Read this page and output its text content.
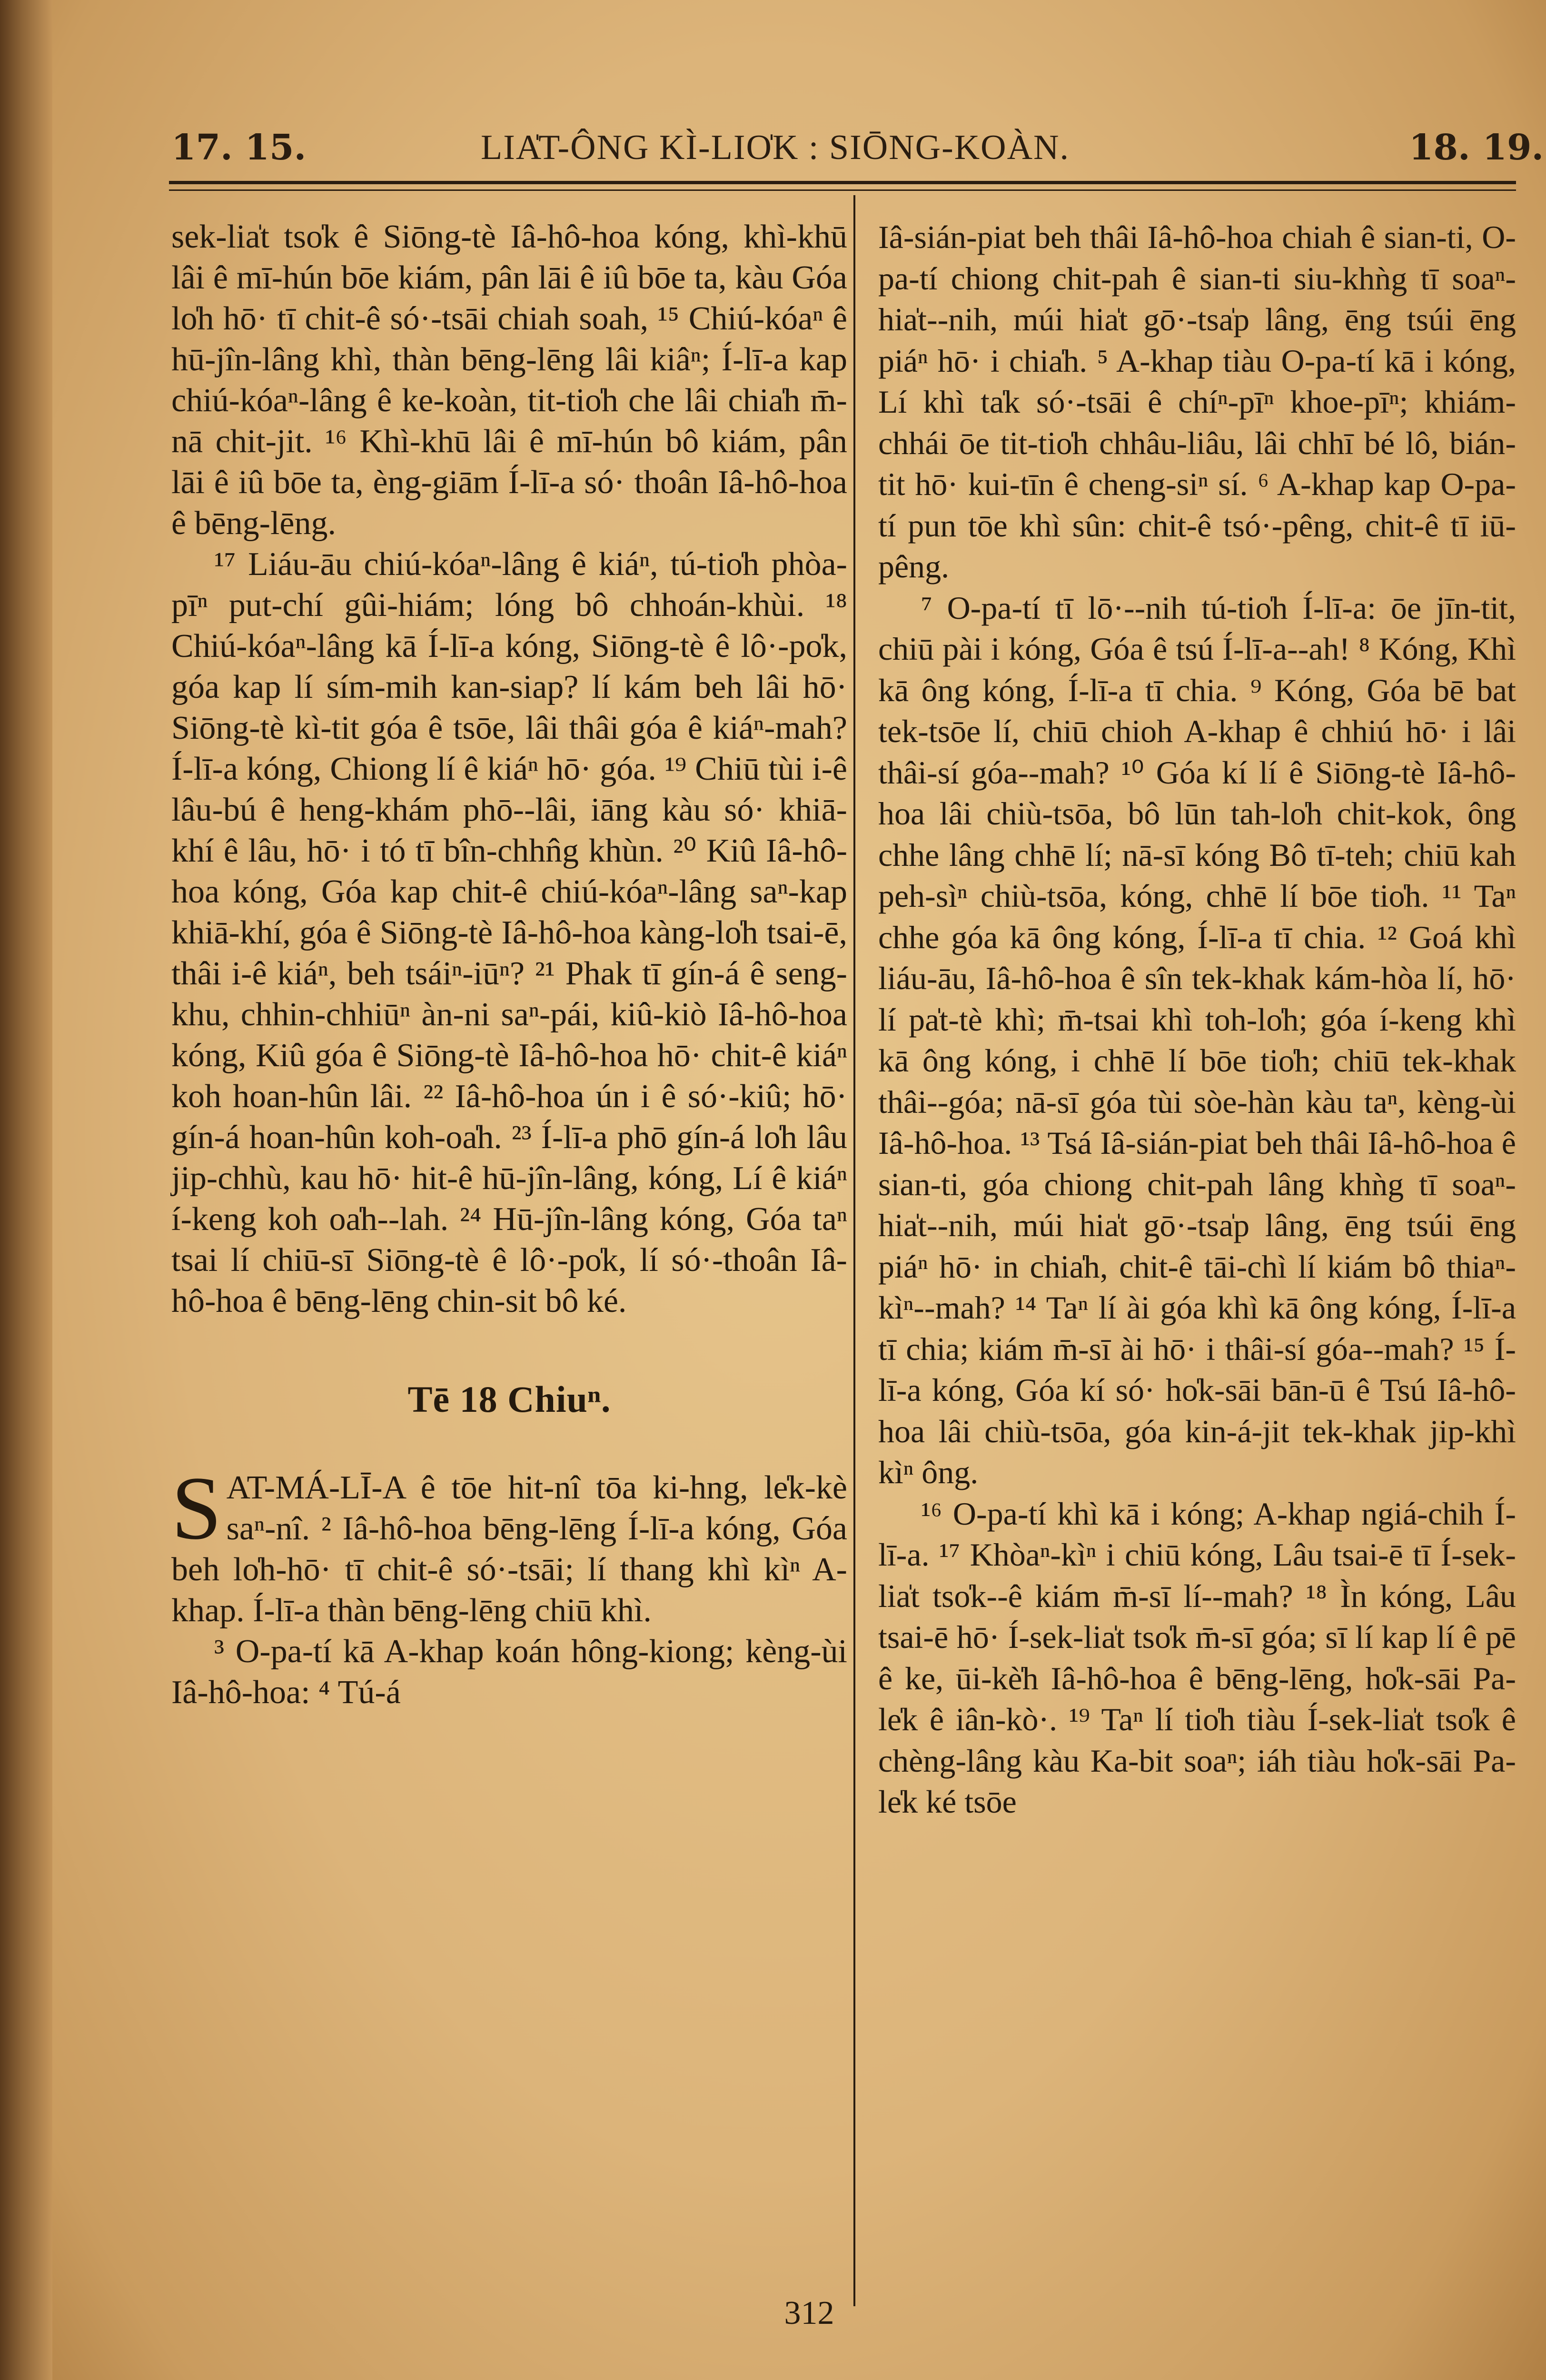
17. 15.	LIA̍T-ÔNG KÌ-LIO̍K : SIŌNG-KOÀN.	18. 19.

sek-lia̍t tso̍k ê Siōng-tè Iâ-hô-hoa kóng, khì-khū lâi ê mī-hún bōe kiám, pân lāi ê iû bōe ta, kàu Góa lo̍h hō· tī chit-ê só·-tsāi chiah soah, ¹⁵ Chiú-kóaⁿ ê hū-jîn-lâng khì, thàn bēng-lēng lâi kiâⁿ; Í-lī-a kap chiú-kóaⁿ-lâng ê ke-koàn, tit-tio̍h che lâi chia̍h m̄-nā chit-jit. ¹⁶ Khì-khū lâi ê mī-hún bô kiám, pân lāi ê iû bōe ta, èng-giām Í-lī-a só· thoân Iâ-hô-hoa ê bēng-lēng.

¹⁷ Liáu-āu chiú-kóaⁿ-lâng ê kiáⁿ, tú-tio̍h phòa-pīⁿ put-chí gûi-hiám; lóng bô chhoán-khùi. ¹⁸ Chiú-kóaⁿ-lâng kā Í-lī-a kóng, Siōng-tè ê lô·-po̍k, góa kap lí sím-mih kan-siap? lí kám beh lâi hō· Siōng-tè kì-tit góa ê tsōe, lâi thâi góa ê kiáⁿ-mah? Í-lī-a kóng, Chiong lí ê kiáⁿ hō· góa. ¹⁹ Chiū tùi i-ê lâu-bú ê heng-khám phō--lâi, iāng kàu só· khiā-khí ê lâu, hō· i tó tī bîn-chhn̂g khùn. ²⁰ Kiû Iâ-hô-hoa kóng, Góa kap chit-ê chiú-kóaⁿ-lâng saⁿ-kap khiā-khí, góa ê Siōng-tè Iâ-hô-hoa kàng-lo̍h tsai-ē, thâi i-ê kiáⁿ, beh tsáiⁿ-iūⁿ? ²¹ Phak tī gín-á ê seng-khu, chhin-chhiūⁿ àn-ni saⁿ-pái, kiû-kiò Iâ-hô-hoa kóng, Kiû góa ê Siōng-tè Iâ-hô-hoa hō· chit-ê kiáⁿ koh hoan-hûn lâi. ²² Iâ-hô-hoa ún i ê só·-kiû; hō· gín-á hoan-hûn koh-oa̍h. ²³ Í-lī-a phō gín-á lo̍h lâu jip-chhù, kau hō· hit-ê hū-jîn-lâng, kóng, Lí ê kiáⁿ í-keng koh oa̍h--lah. ²⁴ Hū-jîn-lâng kóng, Góa taⁿ tsai lí chiū-sī Siōng-tè ê lô·-po̍k, lí só·-thoân Iâ-hô-hoa ê bēng-lēng chin-sit bô ké.

Tē 18 Chiuⁿ.

SAT-MÁ-LĪ-A ê tōe hit-nî tōa ki-hng, le̍k-kè saⁿ-nî. ² Iâ-hô-hoa bēng-lēng Í-lī-a kóng, Góa beh lo̍h-hō· tī chit-ê só·-tsāi; lí thang khì kìⁿ A-khap. Í-lī-a thàn bēng-lēng chiū khì.

³ O-pa-tí kā A-khap koán hông-kiong; kèng-ùi Iâ-hô-hoa: ⁴ Tú-á

Iâ-sián-piat beh thâi Iâ-hô-hoa chiah ê sian-ti, O-pa-tí chiong chit-pah ê sian-ti siu-khǹg tī soaⁿ-hia̍t--nih, múi hia̍t gō·-tsa̍p lâng, ēng tsúi ēng piáⁿ hō· i chia̍h. ⁵ A-khap tiàu O-pa-tí kā i kóng, Lí khì ta̍k só·-tsāi ê chíⁿ-pīⁿ khoe-pīⁿ; khiám-chhái ōe tit-tio̍h chhâu-liâu, lâi chhī bé lô, bián-tit hō· kui-tīn ê cheng-siⁿ sí. ⁶ A-khap kap O-pa-tí pun tōe khì sûn: chit-ê tsó·-pêng, chit-ê tī iū-pêng.

⁷ O-pa-tí tī lō·--nih tú-tio̍h Í-lī-a: ōe jīn-tit, chiū pài i kóng, Góa ê tsú Í-lī-a--ah! ⁸ Kóng, Khì kā ông kóng, Í-lī-a tī chia. ⁹ Kóng, Góa bē bat tek-tsōe lí, chiū chioh A-khap ê chhiú hō· i lâi thâi-sí góa--mah? ¹⁰ Góa kí lí ê Siōng-tè Iâ-hô-hoa lâi chiù-tsōa, bô lūn tah-lo̍h chit-kok, ông chhe lâng chhē lí; nā-sī kóng Bô tī-teh; chiū kah peh-sìⁿ chiù-tsōa, kóng, chhē lí bōe tio̍h. ¹¹ Taⁿ chhe góa kā ông kóng, Í-lī-a tī chia. ¹² Goá khì liáu-āu, Iâ-hô-hoa ê sîn tek-khak kám-hòa lí, hō· lí pa̍t-tè khì; m̄-tsai khì toh-lo̍h; góa í-keng khì kā ông kóng, i chhē lí bōe tio̍h; chiū tek-khak thâi--góa; nā-sī góa tùi sòe-hàn kàu taⁿ, kèng-ùi Iâ-hô-hoa. ¹³ Tsá Iâ-sián-piat beh thâi Iâ-hô-hoa ê sian-ti, góa chiong chit-pah lâng khǹg tī soaⁿ-hia̍t--nih, múi hia̍t gō·-tsa̍p lâng, ēng tsúi ēng piáⁿ hō· in chia̍h, chit-ê tāi-chì lí kiám bô thiaⁿ-kìⁿ--mah? ¹⁴ Taⁿ lí ài góa khì kā ông kóng, Í-lī-a tī chia; kiám m̄-sī ài hō· i thâi-sí góa--mah? ¹⁵ Í-lī-a kóng, Góa kí só· ho̍k-sāi bān-ū ê Tsú Iâ-hô-hoa lâi chiù-tsōa, góa kin-á-jit tek-khak jip-khì kìⁿ ông.

¹⁶ O-pa-tí khì kā i kóng; A-khap ngiá-chih Í-lī-a. ¹⁷ Khòaⁿ-kìⁿ i chiū kóng, Lâu tsai-ē tī Í-sek-lia̍t tso̍k--ê kiám m̄-sī lí--mah? ¹⁸ Ìn kóng, Lâu tsai-ē hō· Í-sek-lia̍t tso̍k m̄-sī góa; sī lí kap lí ê pē ê ke, ūi-kè̍h Iâ-hô-hoa ê bēng-lēng, ho̍k-sāi Pa-le̍k ê iân-kò·. ¹⁹ Taⁿ lí tio̍h tiàu Í-sek-lia̍t tso̍k ê chèng-lâng kàu Ka-bit soaⁿ; iáh tiàu ho̍k-sāi Pa-le̍k ké tsōe

312
